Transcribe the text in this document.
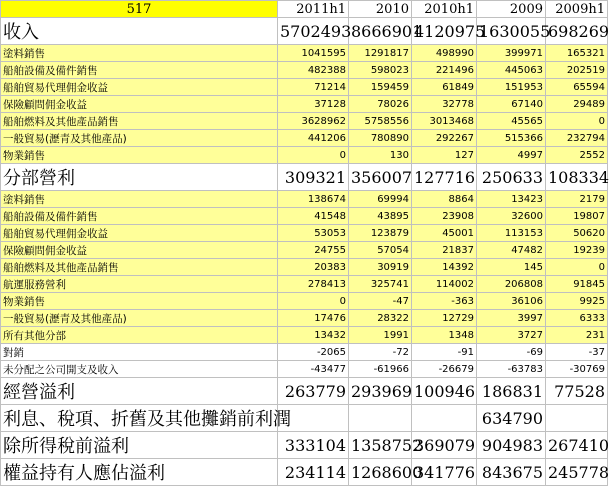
517	2011h1	2010	2010h1	2009	2009h1
收入	5702493	8666901	4120975	1630055	698269
塗料銷售	1041595	1291817	498990	399971	165321
船舶設備及備件銷售	482388	598023	221496	445063	202519
船舶貿易代理佣金收益	71214	159459	61849	151953	65594
保險顧問佣金收益	37128	78026	32778	67140	29489
船舶燃料及其他產品銷售	3628962	5758556	3013468	45565	0
一般貿易(瀝青及其他產品)	441206	780890	292267	515366	232794
物業銷售	0	130	127	4997	2552
分部營利	309321	356007	127716	250633	108334
塗料銷售	138674	69994	8864	13423	2179
船舶設備及備件銷售	41548	43895	23908	32600	19807
船舶貿易代理佣金收益	53053	123879	45001	113153	50620
保險顧問佣金收益	24755	57054	21837	47482	19239
船舶燃料及其他產品銷售	20383	30919	14392	145	0
航運服務營利	278413	325741	114002	206808	91845
物業銷售	0	-47	-363	36106	9925
一般貿易(瀝青及其他產品)	17476	28322	12729	3997	6333
所有其他分部	13432	1991	1348	3727	231
對銷	-2065	-72	-91	-69	-37
未分配之公司開支及收入	-43477	-61966	-26679	-63783	-30769
經營溢利	263779	293969	100946	186831	77528
利息、稅項、折舊及其他攤銷前利潤				634790	
除所得稅前溢利	333104	1358752	369079	904983	267410
權益持有人應佔溢利	234114	1268600	341776	843675	245778
